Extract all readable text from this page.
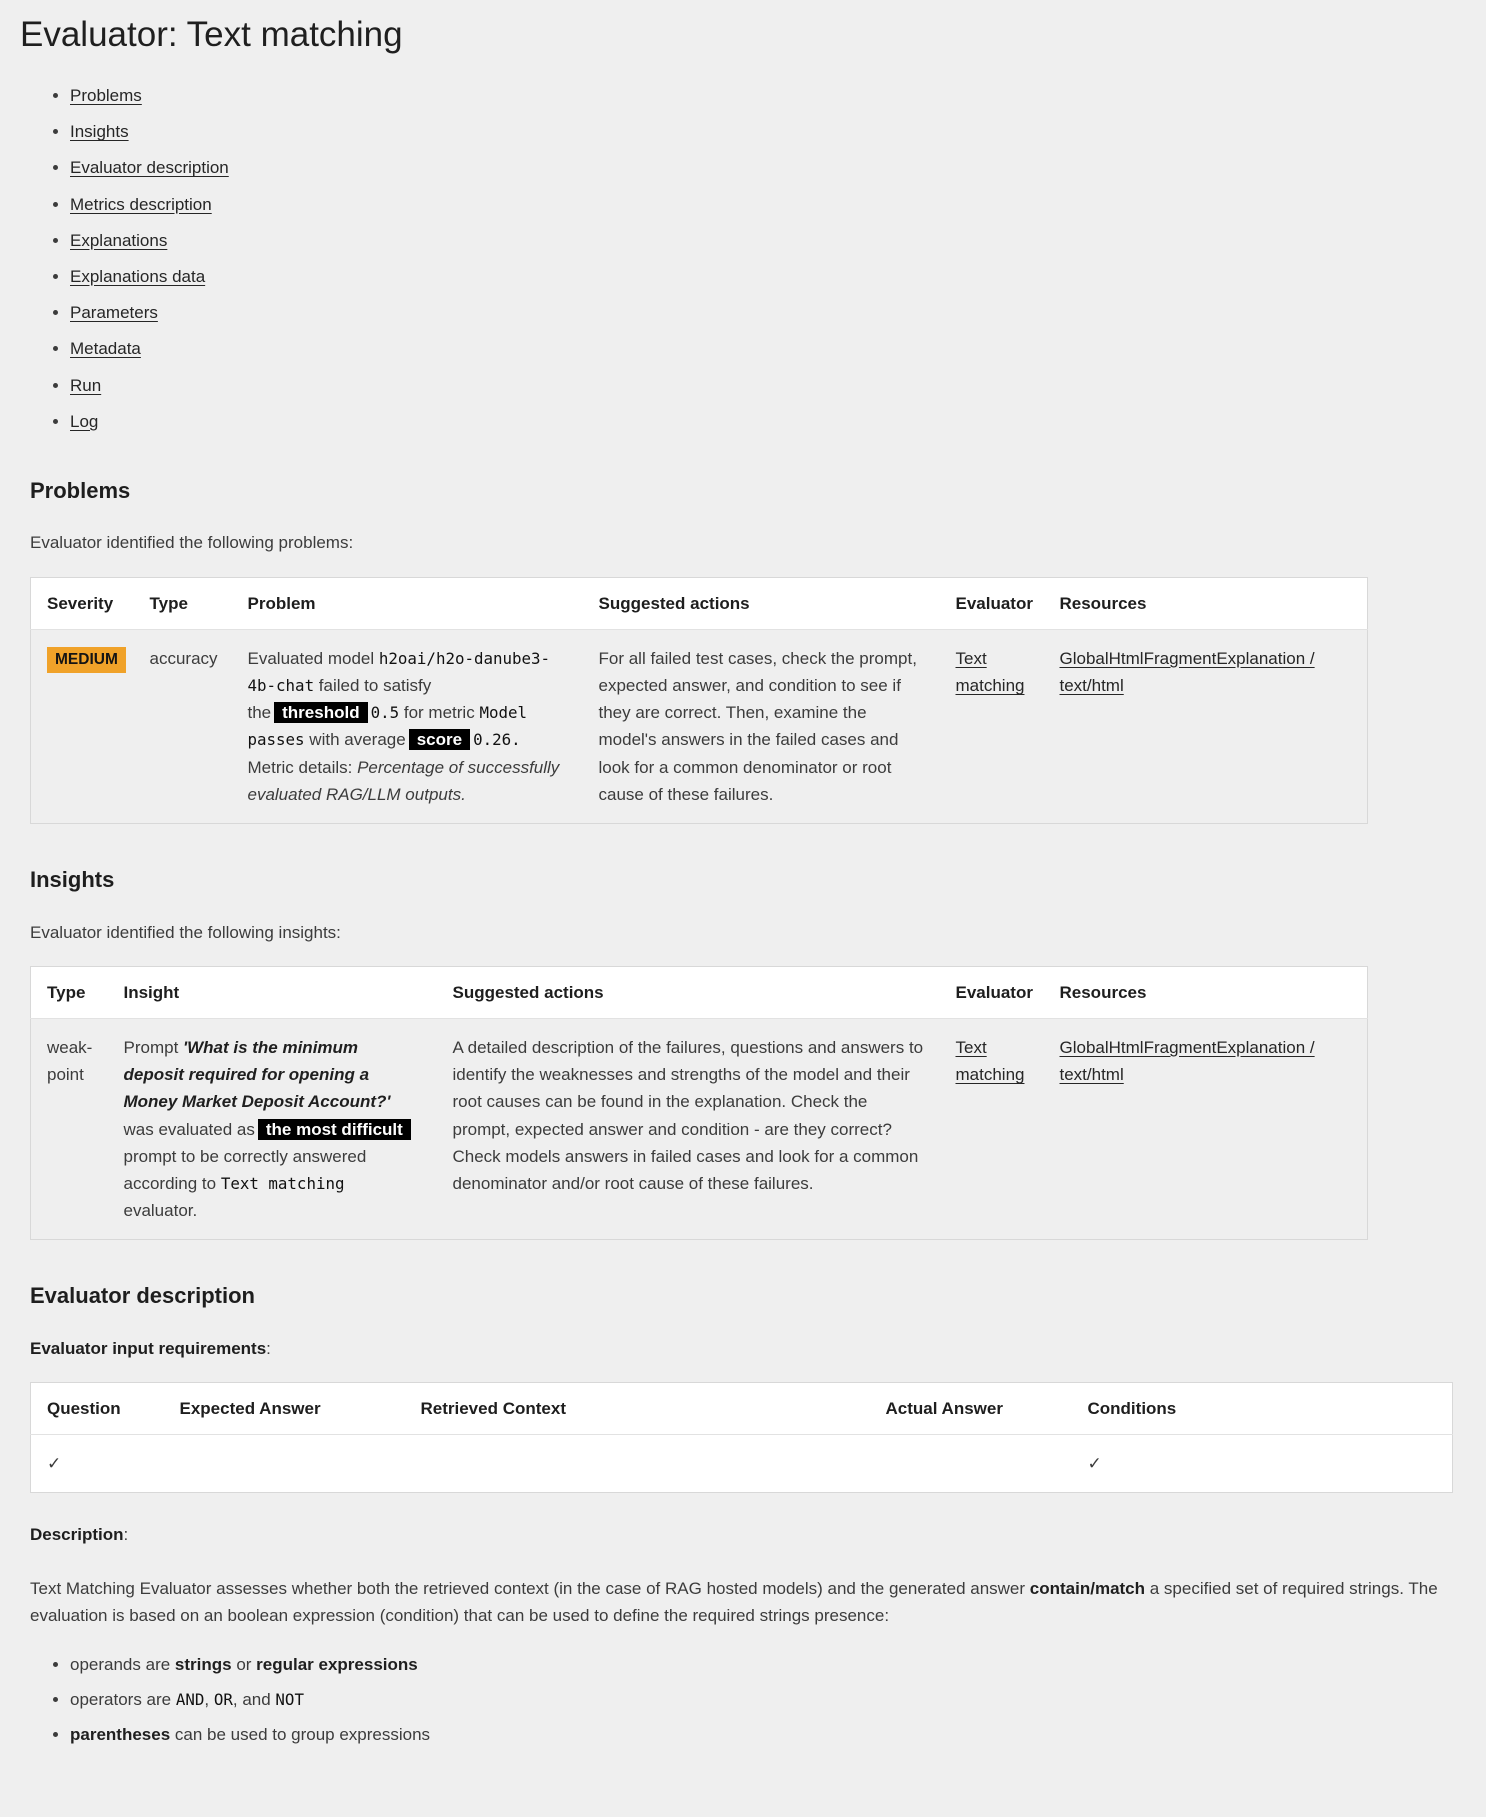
Evaluator: Text matching
• Problems
• Insights
• Evaluator description
• Metrics description
• Explanations
• Explanations data
• Parameters
• Metadata
• Run
• Log
Problems

Evaluator identified the following problems:

Severity	Type	Problem	Suggested actions	Evaluator	Resources
MEDIUM	accuracy	Evaluated model h2oai/h2o-danube3-4b-chat failed to satisfy the threshold 0.5 for metric Model passes with average score 0.26. Metric details: Percentage of successfully evaluated RAG/LLM outputs.	For all failed test cases, check the prompt, expected answer, and condition to see if they are correct. Then, examine the model's answers in the failed cases and look for a common denominator or root cause of these failures.	Text matching	GlobalHtmlFragmentExplanation / text/html
Insights

Evaluator identified the following insights:

Type	Insight	Suggested actions	Evaluator	Resources
weak-point	Prompt 'What is the minimum deposit required for opening a Money Market Deposit Account?' was evaluated as the most difficult prompt to be correctly answered according to Text matching evaluator.	A detailed description of the failures, questions and answers to identify the weaknesses and strengths of the model and their root causes can be found in the explanation. Check the prompt, expected answer and condition - are they correct? Check models answers in failed cases and look for a common denominator and/or root cause of these failures.	Text matching	GlobalHtmlFragmentExplanation / text/html
Evaluator description

Evaluator input requirements:

Question	Expected Answer	Retrieved Context	Actual Answer	Conditions
✓				✓

Description:

Text Matching Evaluator assesses whether both the retrieved context (in the case of RAG hosted models) and the generated answer contain/match a specified set of required strings. The evaluation is based on an boolean expression (condition) that can be used to define the required strings presence:

• operands are strings or regular expressions
• operators are AND, OR, and NOT
• parentheses can be used to group expressions
